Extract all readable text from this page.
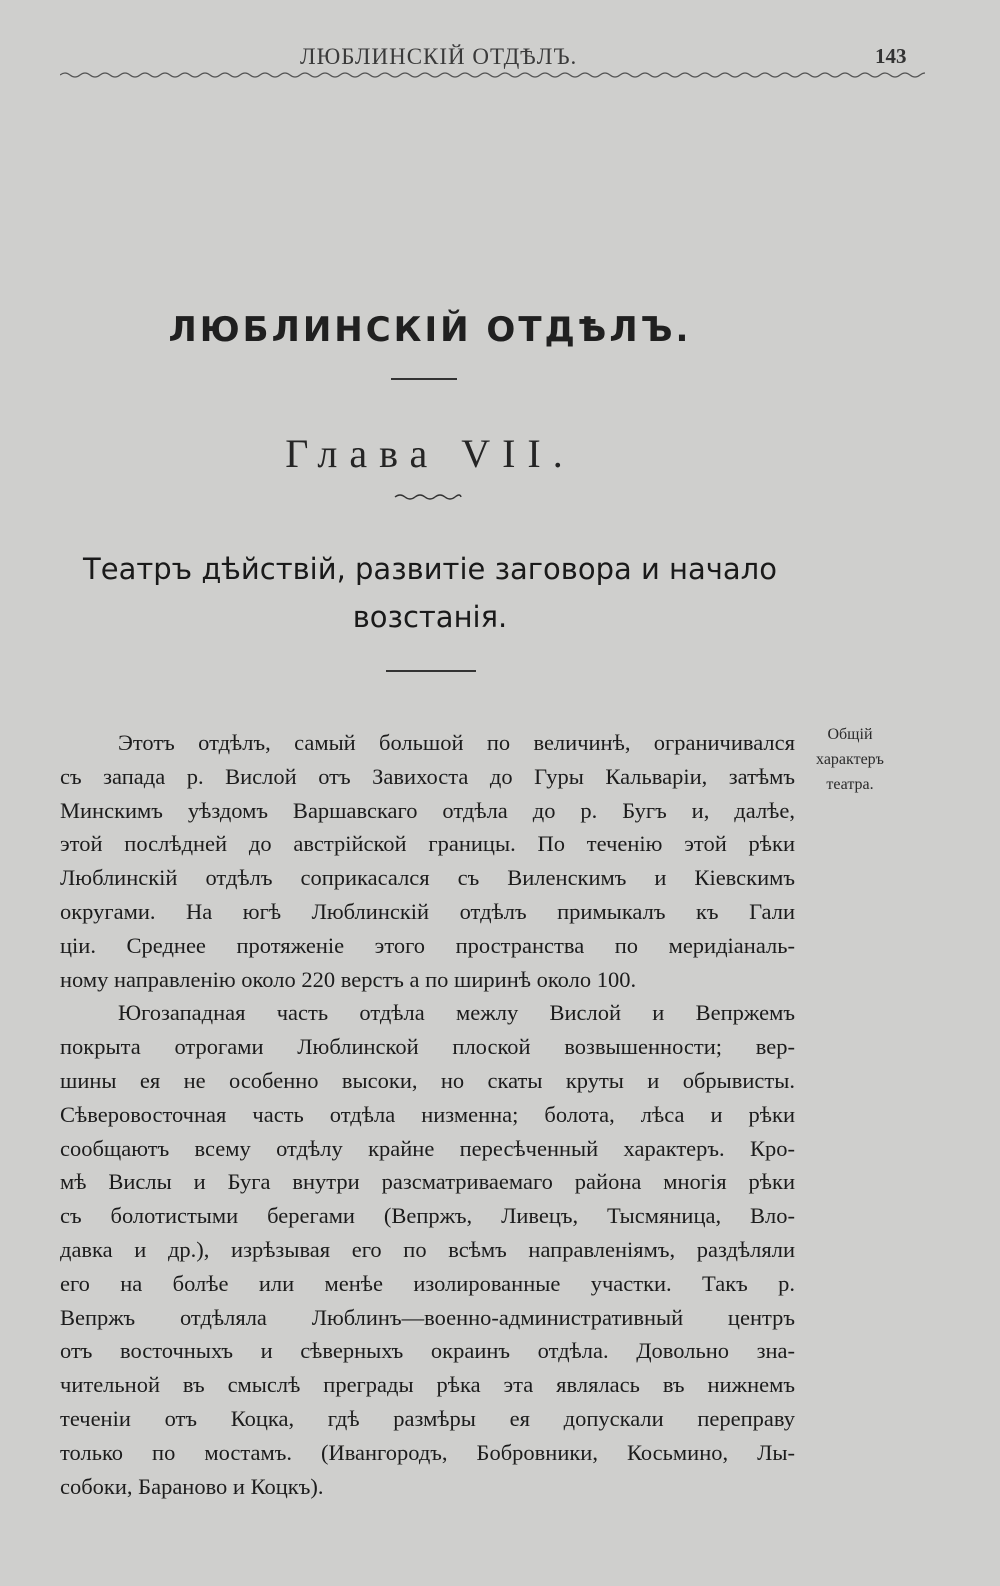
ЛЮБЛИНСКІЙ ОТДѢЛЪ.	143
ЛЮБЛИНСКІЙ ОТДѢЛЪ.
Глава VII.
Театръ дѣйствій, развитіе заговора и начало
возстанія.
Общій
характеръ
театра.
Этотъ отдѣлъ, самый большой по величинѣ, ограничивался
съ запада р. Вислой отъ Завихоста до Гуры Кальваріи, затѣмъ
Минскимъ уѣздомъ Варшавскаго отдѣла до р. Бугъ и, далѣе,
этой послѣдней до австрійской границы. По теченію этой рѣки
Люблинскій отдѣлъ соприкасался съ Виленскимъ и Кіевскимъ
округами. На югѣ Люблинскій отдѣлъ примыкалъ къ Гали
ціи. Среднее протяженіе этого пространства по меридіаналь-
ному направленію около 220 верстъ а по ширинѣ около 100.
Югозападная часть отдѣла межлу Вислой и Вепржемъ
покрыта отрогами Люблинской плоской возвышенности; вер-
шины ея не особенно высоки, но скаты круты и обрывисты.
Сѣверовосточная часть отдѣла низменна; болота, лѣса и рѣки
сообщаютъ всему отдѣлу крайне пересѣченный характеръ. Кро-
мѣ Вислы и Буга внутри разсматриваемаго района многія рѣки
съ болотистыми берегами (Вепржъ, Ливецъ, Тысмяница, Вло-
давка и др.), изрѣзывая его по всѣмъ направленіямъ, раздѣляли
его на болѣе или менѣе изолированные участки. Такъ р.
Вепржъ отдѣляла Люблинъ—военно-административный центръ
отъ восточныхъ и сѣверныхъ окраинъ отдѣла. Довольно зна-
чительной въ смыслѣ преграды рѣка эта являлась въ нижнемъ
теченіи отъ Коцка, гдѣ размѣры ея допускали переправу
только по мостамъ. (Ивангородъ, Бобровники, Косьмино, Лы-
собоки, Бараново и Коцкъ).
